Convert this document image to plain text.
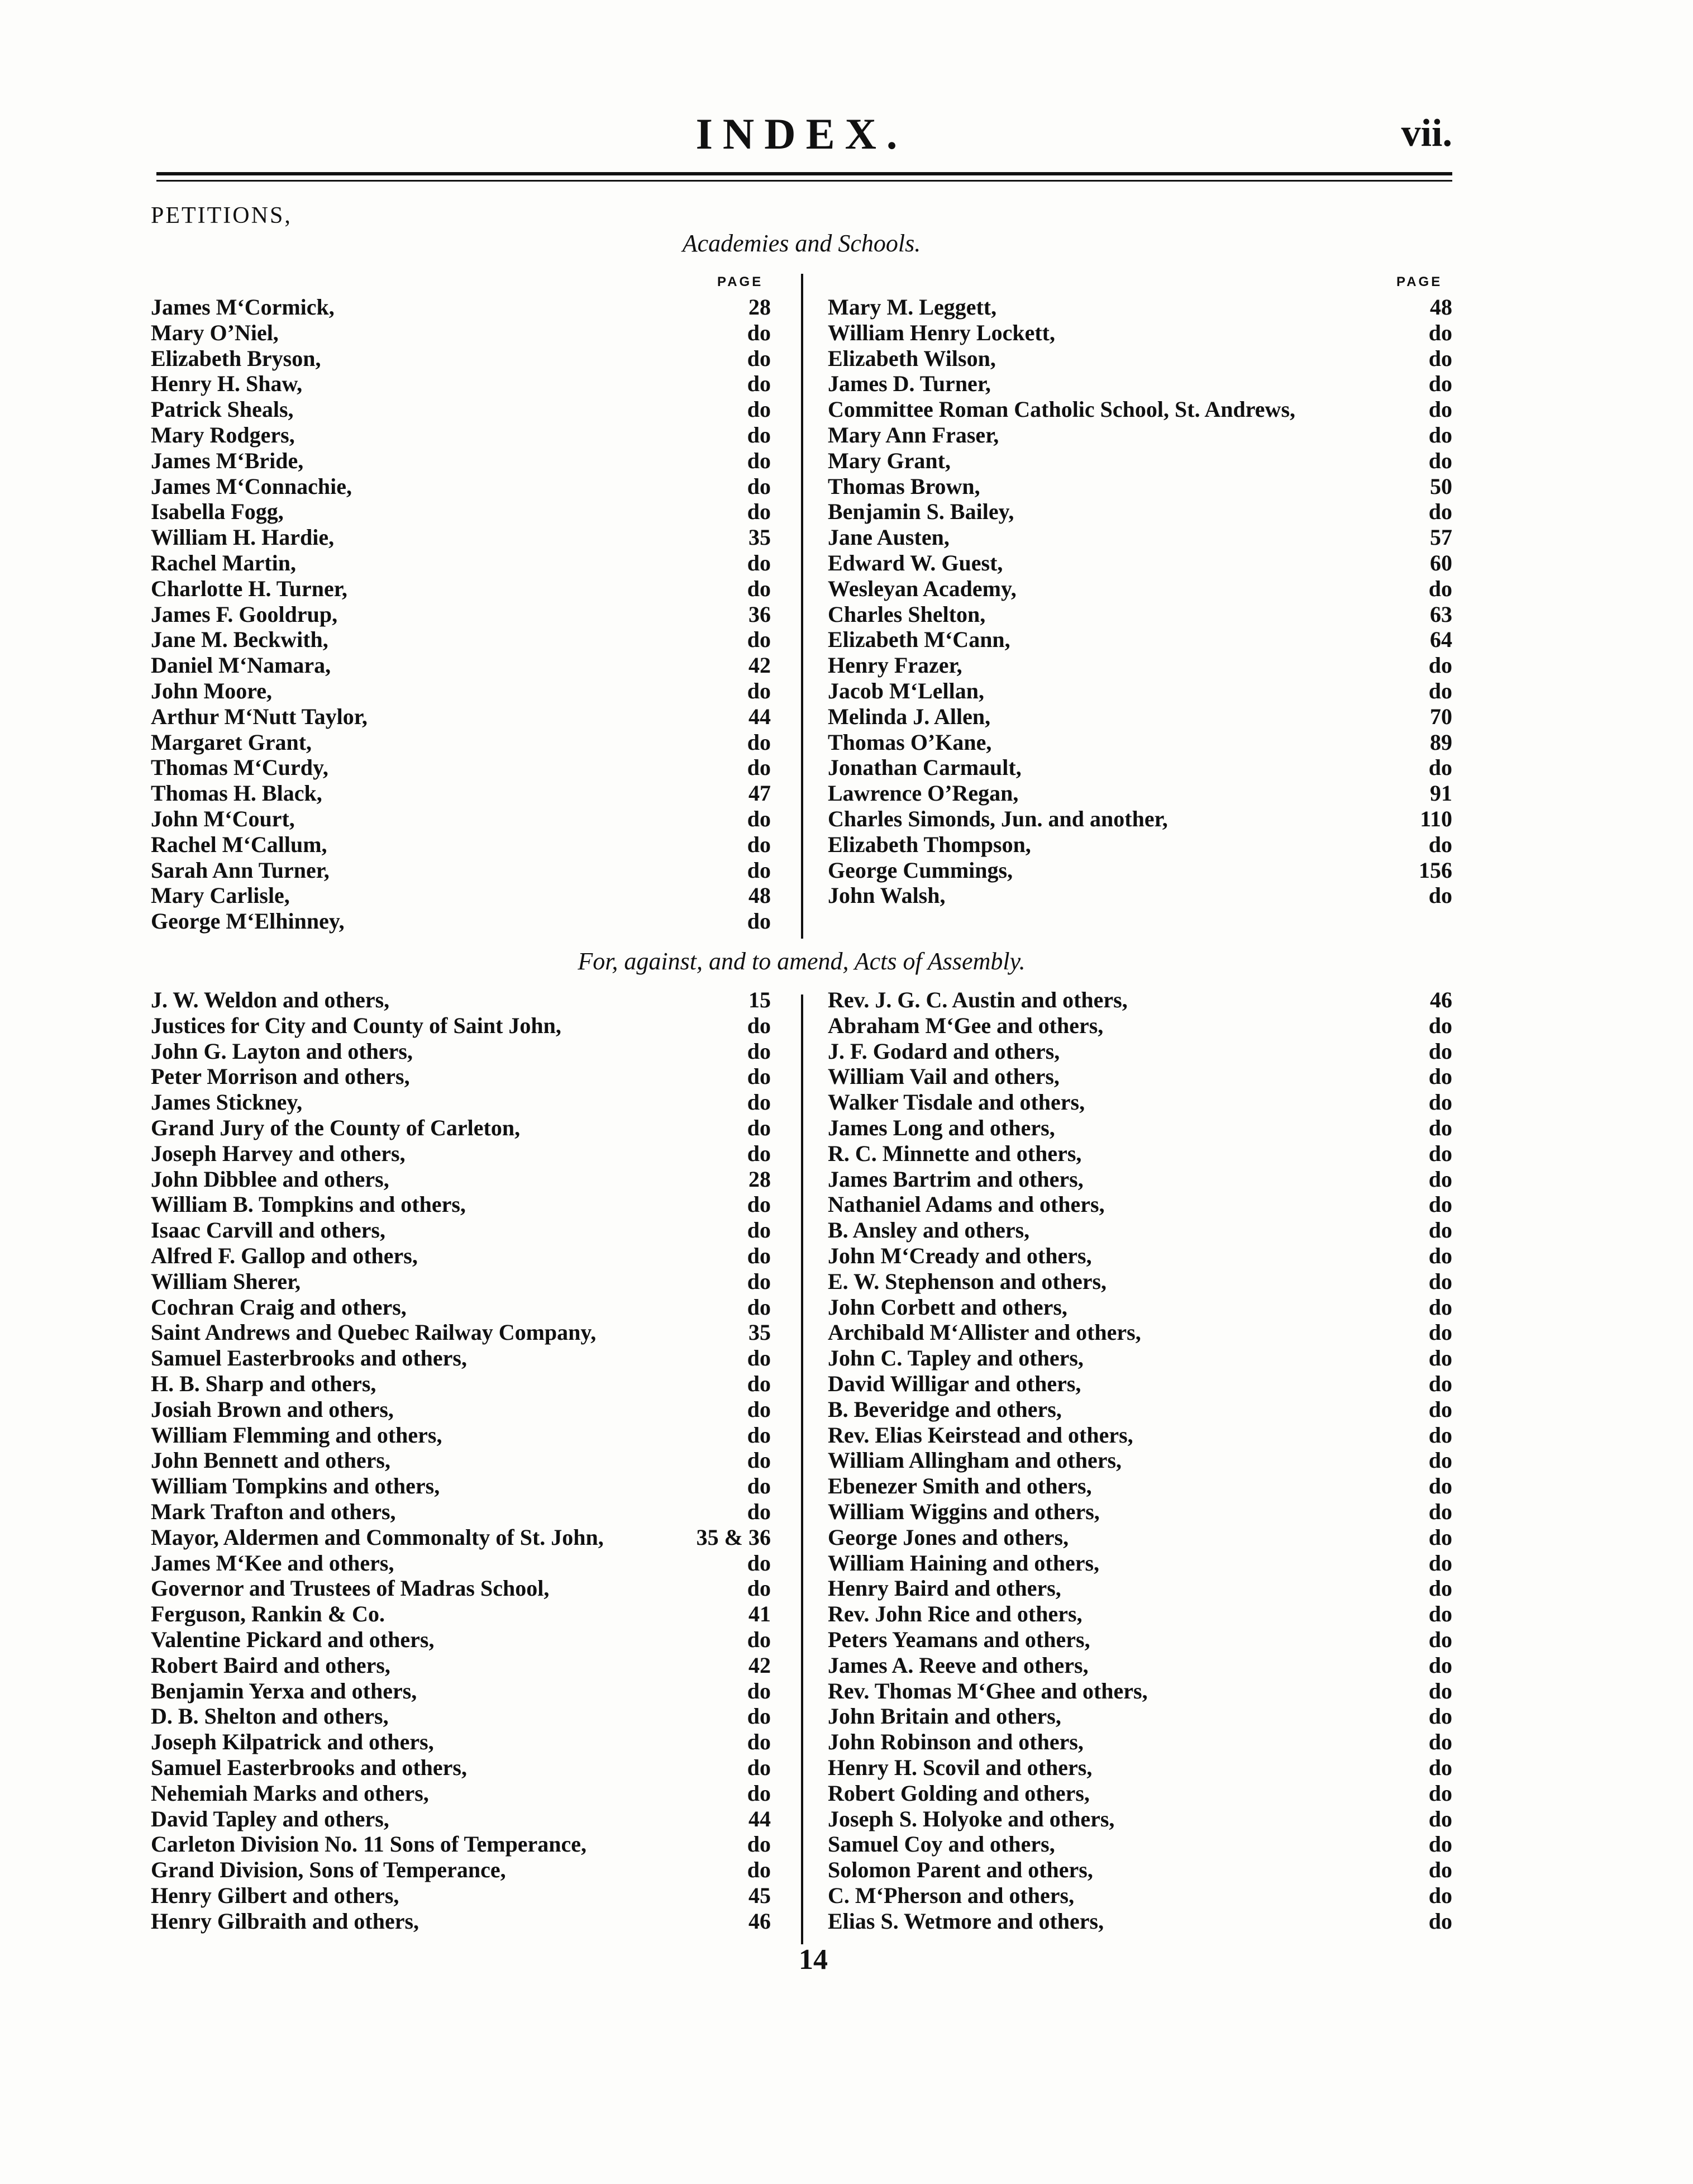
INDEX.	vii.
PETITIONS,
Academies and Schools.
PAGE	PAGE
James M‘Cormick,	28
Mary O’Niel,	do
Elizabeth Bryson,	do
Henry H. Shaw,	do
Patrick Sheals,	do
Mary Rodgers,	do
James M‘Bride,	do
James M‘Connachie,	do
Isabella Fogg,	do
William H. Hardie,	35
Rachel Martin,	do
Charlotte H. Turner,	do
James F. Gooldrup,	36
Jane M. Beckwith,	do
Daniel M‘Namara,	42
John Moore,	do
Arthur M‘Nutt Taylor,	44
Margaret Grant,	do
Thomas M‘Curdy,	do
Thomas H. Black,	47
John M‘Court,	do
Rachel M‘Callum,	do
Sarah Ann Turner,	do
Mary Carlisle,	48
George M‘Elhinney,	do
Mary M. Leggett,	48
William Henry Lockett,	do
Elizabeth Wilson,	do
James D. Turner,	do
Committee Roman Catholic School, St. Andrews,	do
Mary Ann Fraser,	do
Mary Grant,	do
Thomas Brown,	50
Benjamin S. Bailey,	do
Jane Austen,	57
Edward W. Guest,	60
Wesleyan Academy,	do
Charles Shelton,	63
Elizabeth M‘Cann,	64
Henry Frazer,	do
Jacob M‘Lellan,	do
Melinda J. Allen,	70
Thomas O’Kane,	89
Jonathan Carmault,	do
Lawrence O’Regan,	91
Charles Simonds, Jun. and another,	110
Elizabeth Thompson,	do
George Cummings,	156
John Walsh,	do
For, against, and to amend, Acts of Assembly.
J. W. Weldon and others,	15
Justices for City and County of Saint John,	do
John G. Layton and others,	do
Peter Morrison and others,	do
James Stickney,	do
Grand Jury of the County of Carleton,	do
Joseph Harvey and others,	do
John Dibblee and others,	28
William B. Tompkins and others,	do
Isaac Carvill and others,	do
Alfred F. Gallop and others,	do
William Sherer,	do
Cochran Craig and others,	do
Saint Andrews and Quebec Railway Company,	35
Samuel Easterbrooks and others,	do
H. B. Sharp and others,	do
Josiah Brown and others,	do
William Flemming and others,	do
John Bennett and others,	do
William Tompkins and others,	do
Mark Trafton and others,	do
Mayor, Aldermen and Commonalty of St. John,	35 & 36
James M‘Kee and others,	do
Governor and Trustees of Madras School,	do
Ferguson, Rankin & Co.	41
Valentine Pickard and others,	do
Robert Baird and others,	42
Benjamin Yerxa and others,	do
D. B. Shelton and others,	do
Joseph Kilpatrick and others,	do
Samuel Easterbrooks and others,	do
Nehemiah Marks and others,	do
David Tapley and others,	44
Carleton Division No. 11 Sons of Temperance,	do
Grand Division, Sons of Temperance,	do
Henry Gilbert and others,	45
Henry Gilbraith and others,	46
Rev. J. G. C. Austin and others,	46
Abraham M‘Gee and others,	do
J. F. Godard and others,	do
William Vail and others,	do
Walker Tisdale and others,	do
James Long and others,	do
R. C. Minnette and others,	do
James Bartrim and others,	do
Nathaniel Adams and others,	do
B. Ansley and others,	do
John M‘Cready and others,	do
E. W. Stephenson and others,	do
John Corbett and others,	do
Archibald M‘Allister and others,	do
John C. Tapley and others,	do
David Willigar and others,	do
B. Beveridge and others,	do
Rev. Elias Keirstead and others,	do
William Allingham and others,	do
Ebenezer Smith and others,	do
William Wiggins and others,	do
George Jones and others,	do
William Haining and others,	do
Henry Baird and others,	do
Rev. John Rice and others,	do
Peters Yeamans and others,	do
James A. Reeve and others,	do
Rev. Thomas M‘Ghee and others,	do
John Britain and others,	do
John Robinson and others,	do
Henry H. Scovil and others,	do
Robert Golding and others,	do
Joseph S. Holyoke and others,	do
Samuel Coy and others,	do
Solomon Parent and others,	do
C. M‘Pherson and others,	do
Elias S. Wetmore and others,	do
14
